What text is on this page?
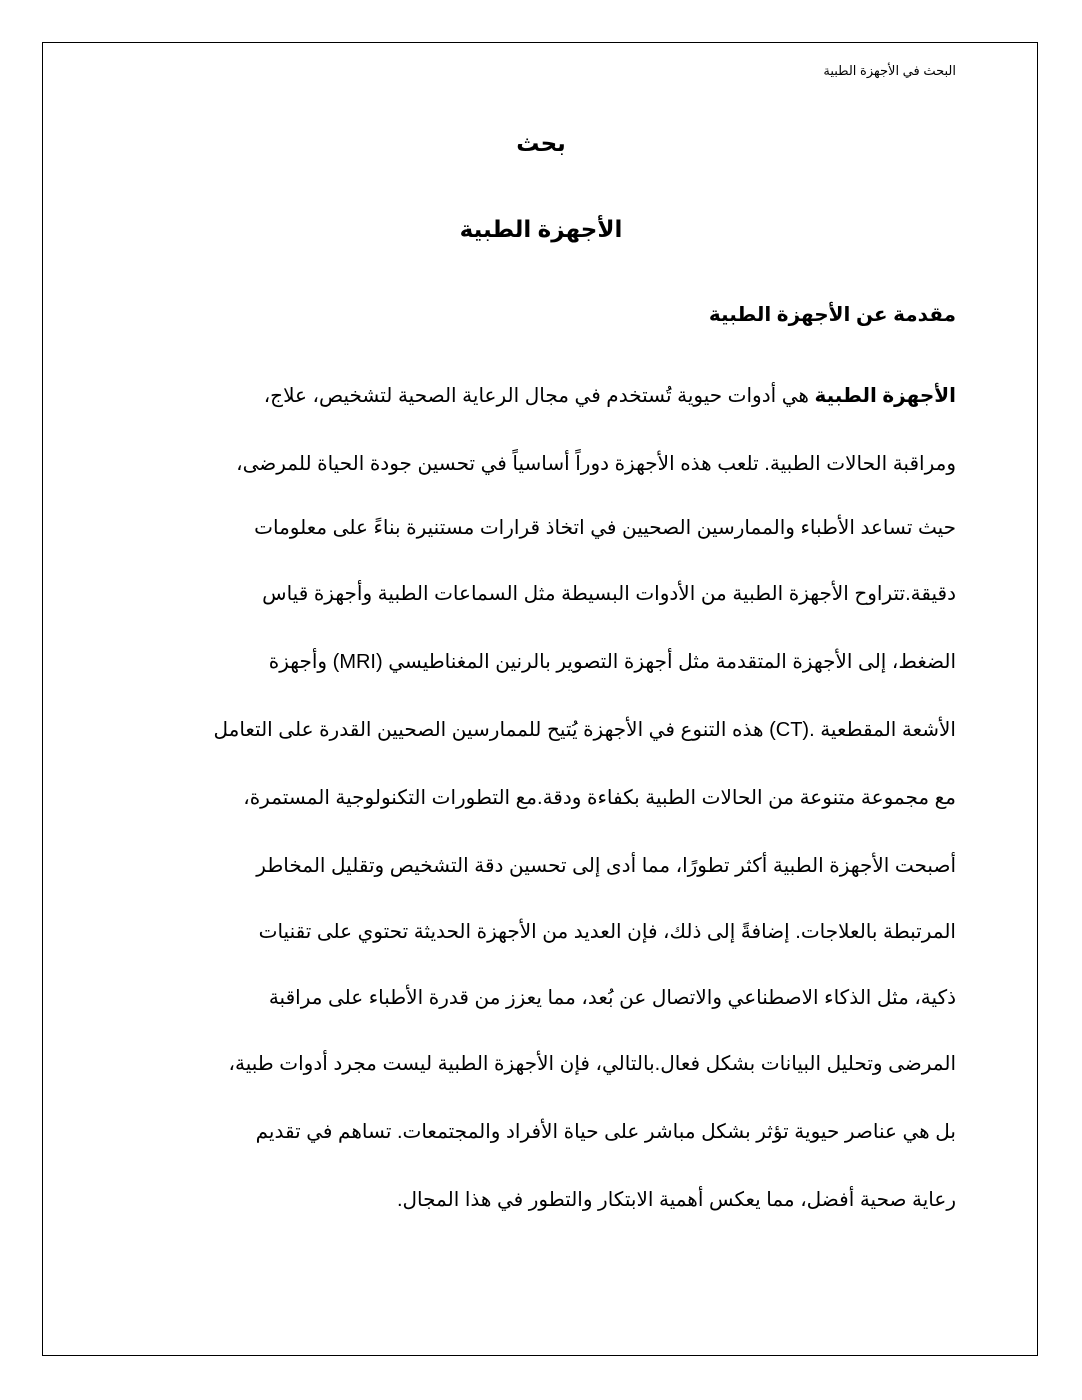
البحث في الأجهزة الطبية
بحث
الأجهزة الطبية
مقدمة عن الأجهزة الطبية
الأجهزة الطبية هي أدوات حيوية تُستخدم في مجال الرعاية الصحية لتشخيص، علاج،
ومراقبة الحالات الطبية. تلعب هذه الأجهزة دوراً أساسياً في تحسين جودة الحياة للمرضى،
حيث تساعد الأطباء والممارسين الصحيين في اتخاذ قرارات مستنيرة بناءً على معلومات
دقيقة.تتراوح الأجهزة الطبية من الأدوات البسيطة مثل السماعات الطبية وأجهزة قياس
الضغط، إلى الأجهزة المتقدمة مثل أجهزة التصوير بالرنين المغناطيسي (MRI) وأجهزة
الأشعة المقطعية .(CT) هذه التنوع في الأجهزة يُتيح للممارسين الصحيين القدرة على التعامل
مع مجموعة متنوعة من الحالات الطبية بكفاءة ودقة.مع التطورات التكنولوجية المستمرة،
أصبحت الأجهزة الطبية أكثر تطورًا، مما أدى إلى تحسين دقة التشخيص وتقليل المخاطر
المرتبطة بالعلاجات. إضافةً إلى ذلك، فإن العديد من الأجهزة الحديثة تحتوي على تقنيات
ذكية، مثل الذكاء الاصطناعي والاتصال عن بُعد، مما يعزز من قدرة الأطباء على مراقبة
المرضى وتحليل البيانات بشكل فعال.بالتالي، فإن الأجهزة الطبية ليست مجرد أدوات طبية،
بل هي عناصر حيوية تؤثر بشكل مباشر على حياة الأفراد والمجتمعات. تساهم في تقديم
رعاية صحية أفضل، مما يعكس أهمية الابتكار والتطور في هذا المجال.
